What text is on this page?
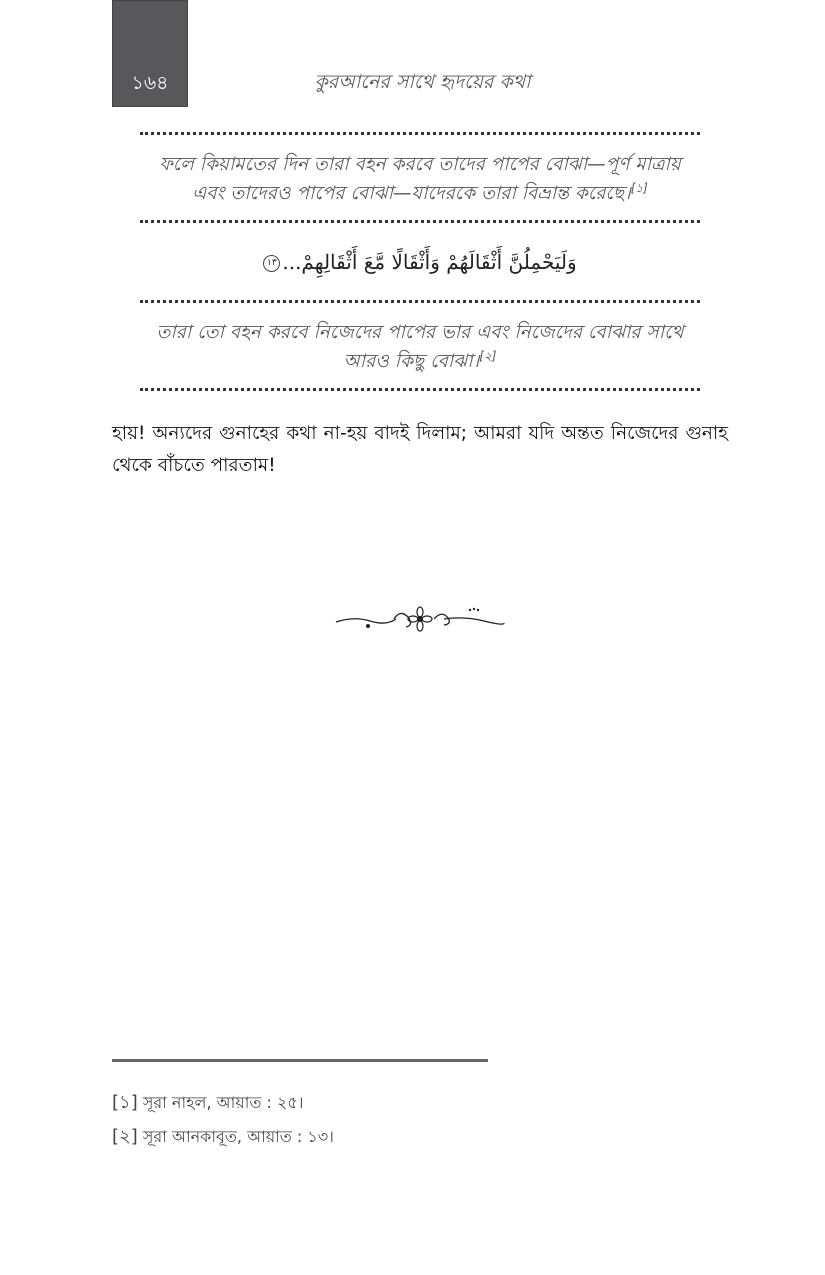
১৬৪	কুরআনের সাথে হৃদয়ের কথা
ফলে কিয়ামতের দিন তারা বহন করবে তাদের পাপের বোঝা—পূর্ণ মাত্রায়
এবং তাদেরও পাপের বোঝা—যাদেরকে তারা বিভ্রান্ত করেছে।[১]
وَلَيَحْمِلُنَّ أَثْقَالَهُمْ وَأَثْقَالًا مَّعَ أَثْقَالِهِمْ...١٣
তারা তো বহন করবে নিজেদের পাপের ভার এবং নিজেদের বোঝার সাথে
আরও কিছু বোঝা।[২]
হায়! অন্যদের গুনাহের কথা না-হয় বাদই দিলাম; আমরা যদি অন্তত নিজেদের গুনাহ থেকে বাঁচতে পারতাম!
[১] সূরা নাহল, আয়াত : ২৫।
[২] সূরা আনকাবূত, আয়াত : ১৩।
